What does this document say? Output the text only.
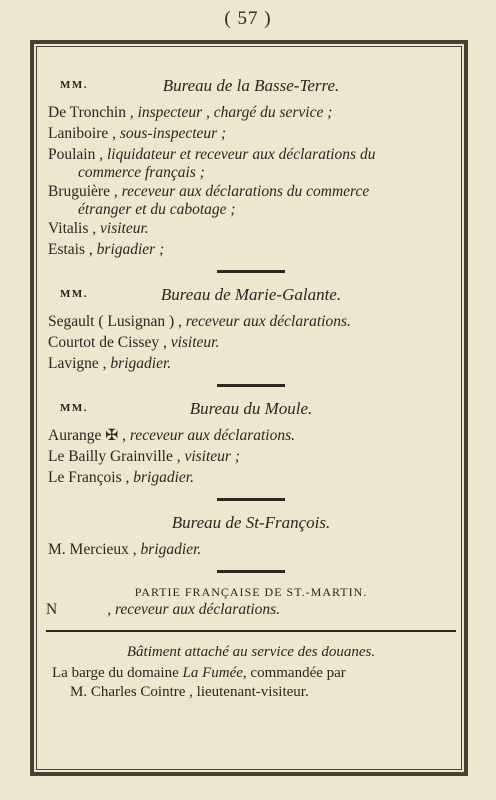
( 57 )
MM.	Bureau de la Basse-Terre.
De Tronchin , inspecteur , chargé du service ;
Laniboire , sous-inspecteur ;
Poulain , liquidateur et receveur aux déclarations du
commerce français ;
Bruguière , receveur aux déclarations du commerce
étranger et du cabotage ;
Vitalis , visiteur.
Estais , brigadier ;
MM.	Bureau de Marie-Galante.
Segault ( Lusignan ) , receveur aux déclarations.
Courtot de Cissey , visiteur.
Lavigne , brigadier.
MM.	Bureau du Moule.
Aurange ✠ , receveur aux déclarations.
Le Bailly Grainville , visiteur ;
Le François , brigadier.
Bureau de St-François.
M. Mercieux , brigadier.
PARTIE FRANÇAISE DE ST.-MARTIN.
N	, receveur aux déclarations.
Bâtiment attaché au service des douanes.
La barge du domaine La Fumée, commandée par
M. Charles Cointre , lieutenant-visiteur.
